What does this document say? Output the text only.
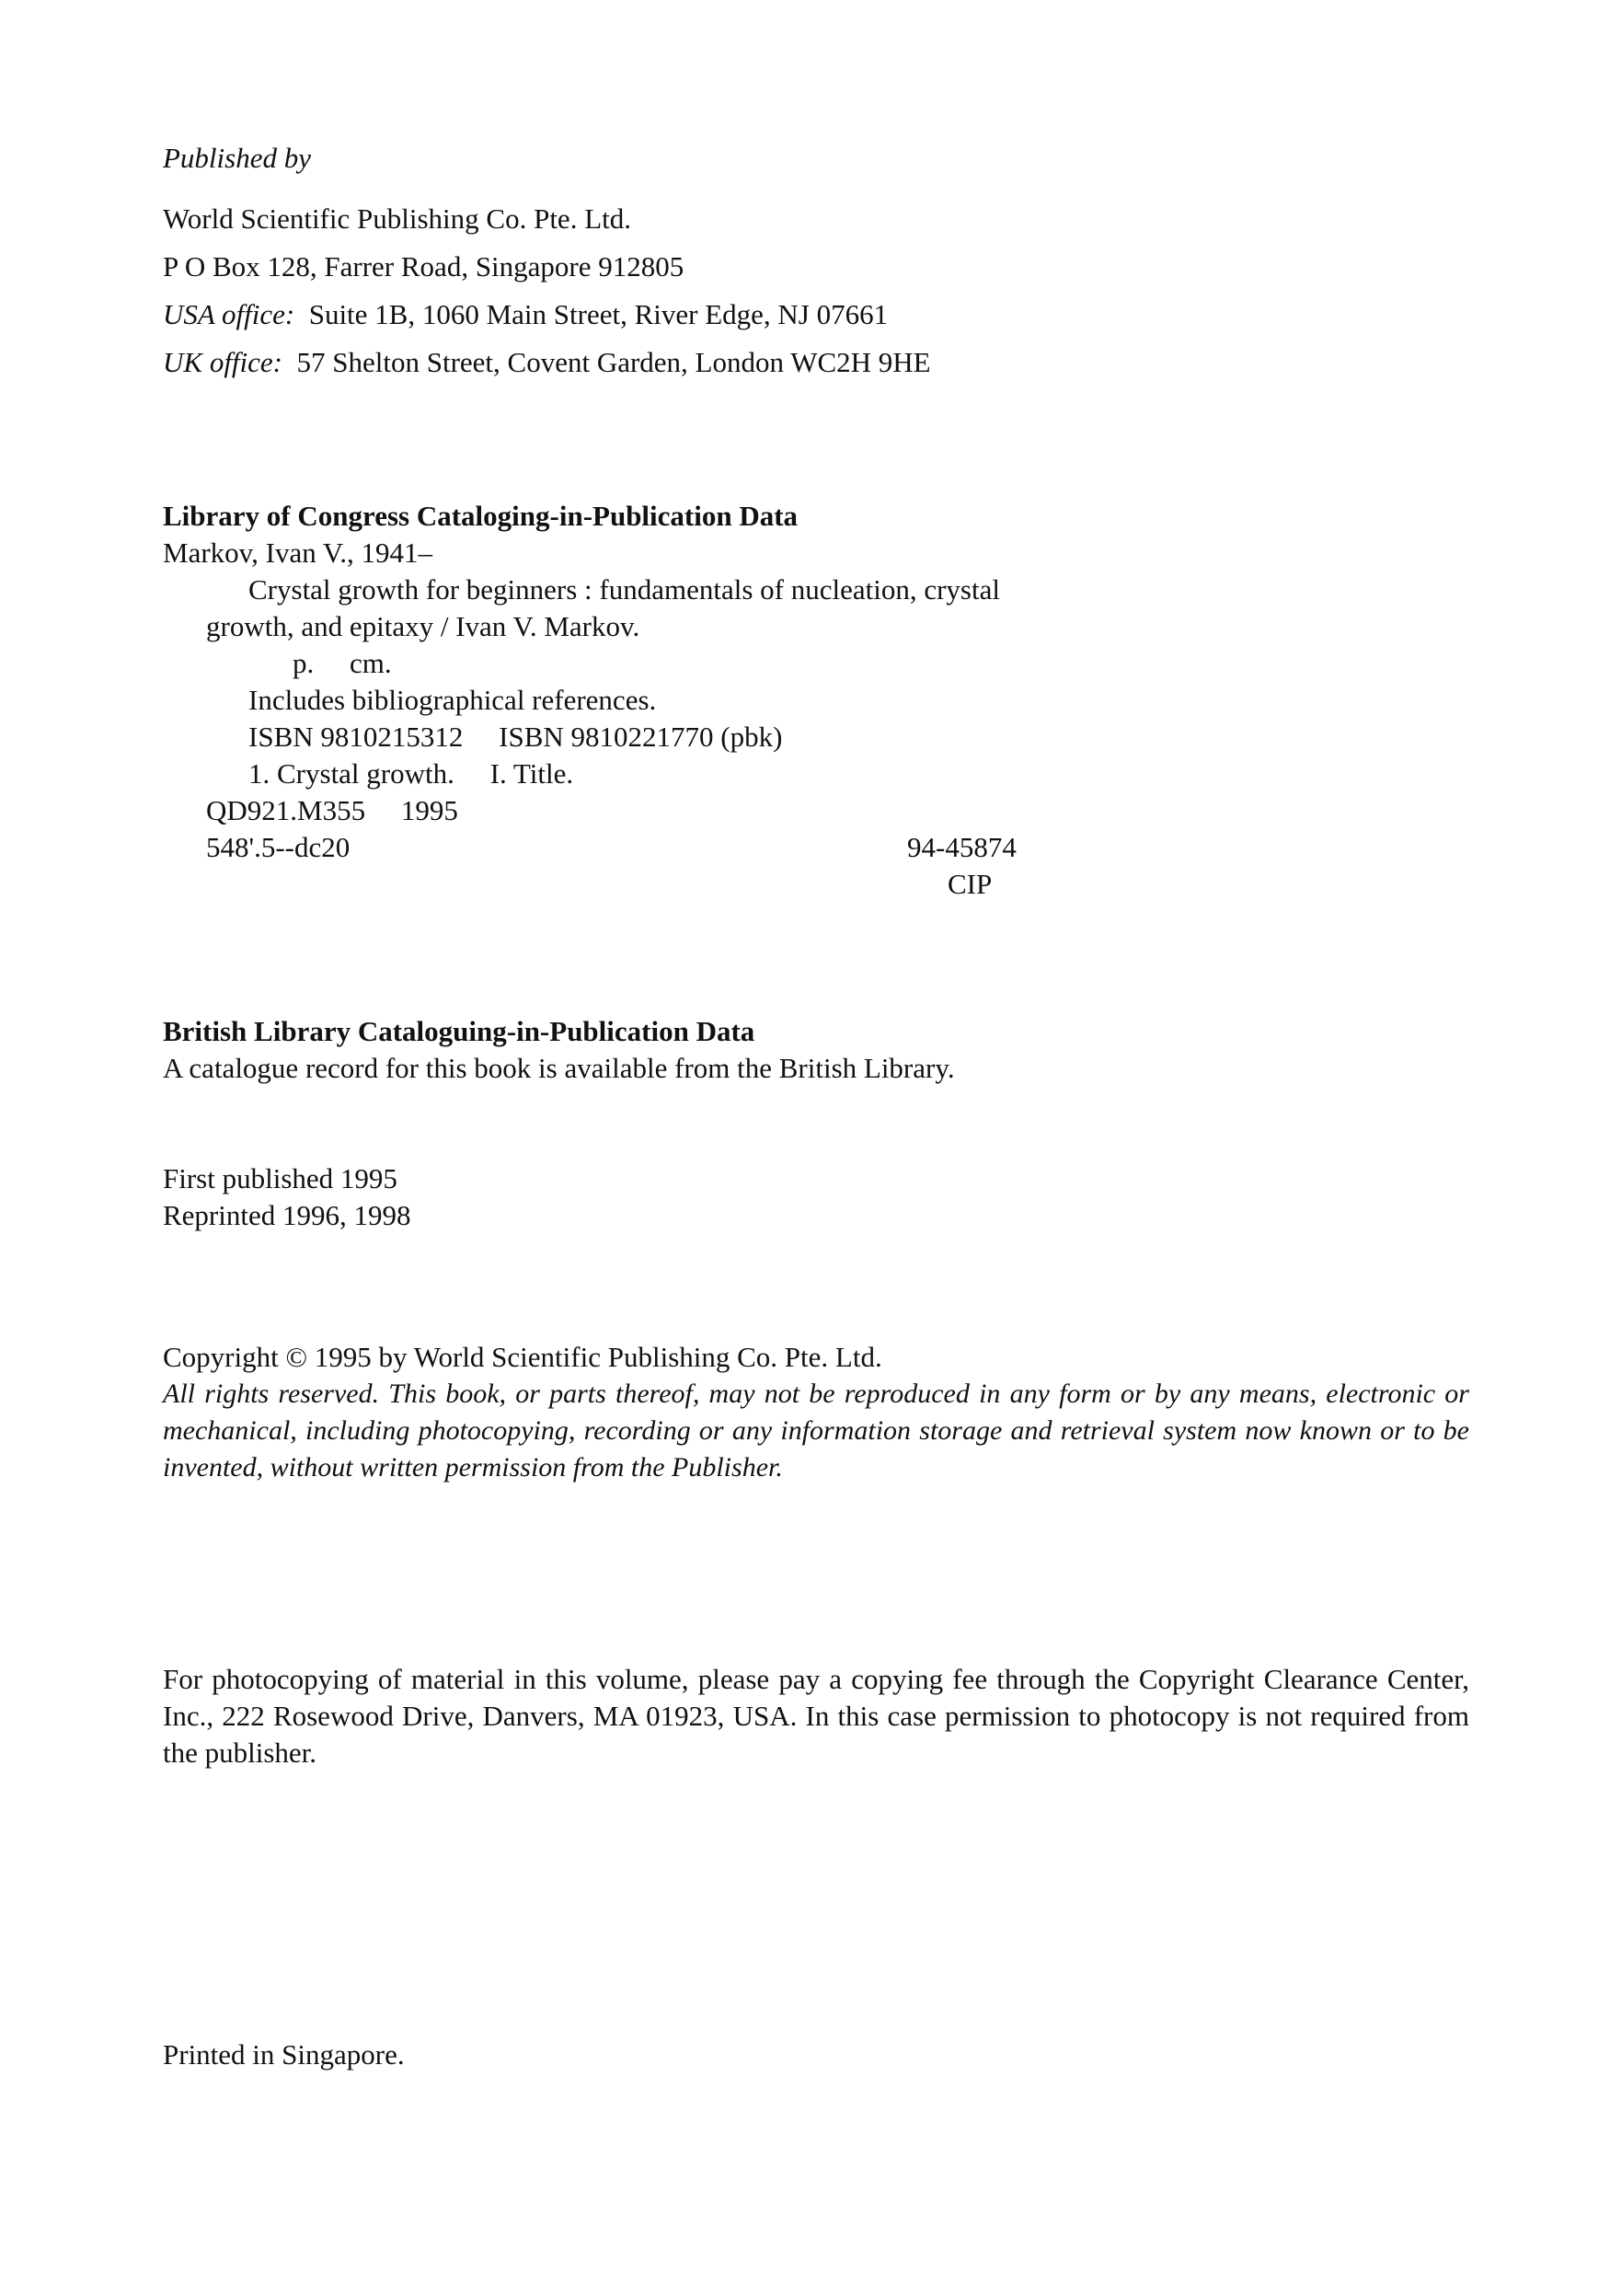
Published by
World Scientific Publishing Co. Pte. Ltd.
P O Box 128, Farrer Road, Singapore 912805
USA office: Suite 1B, 1060 Main Street, River Edge, NJ 07661
UK office: 57 Shelton Street, Covent Garden, London WC2H 9HE
Library of Congress Cataloging-in-Publication Data
Markov, Ivan V., 1941–
Crystal growth for beginners : fundamentals of nucleation, crystal
growth, and epitaxy / Ivan V. Markov.
p.     cm.
Includes bibliographical references.
ISBN 9810215312     ISBN 9810221770 (pbk)
1. Crystal growth.     I. Title.
QD921.M355     1995
548'.5--dc20	94-45874
CIP
British Library Cataloguing-in-Publication Data
A catalogue record for this book is available from the British Library.
First published 1995
Reprinted 1996, 1998
Copyright © 1995 by World Scientific Publishing Co. Pte. Ltd.
All rights reserved. This book, or parts thereof, may not be reproduced in any form or by any means, electronic or mechanical, including photocopying, recording or any information storage and retrieval system now known or to be invented, without written permission from the Publisher.
For photocopying of material in this volume, please pay a copying fee through the Copyright Clearance Center, Inc., 222 Rosewood Drive, Danvers, MA 01923, USA. In this case permission to photocopy is not required from the publisher.
Printed in Singapore.
